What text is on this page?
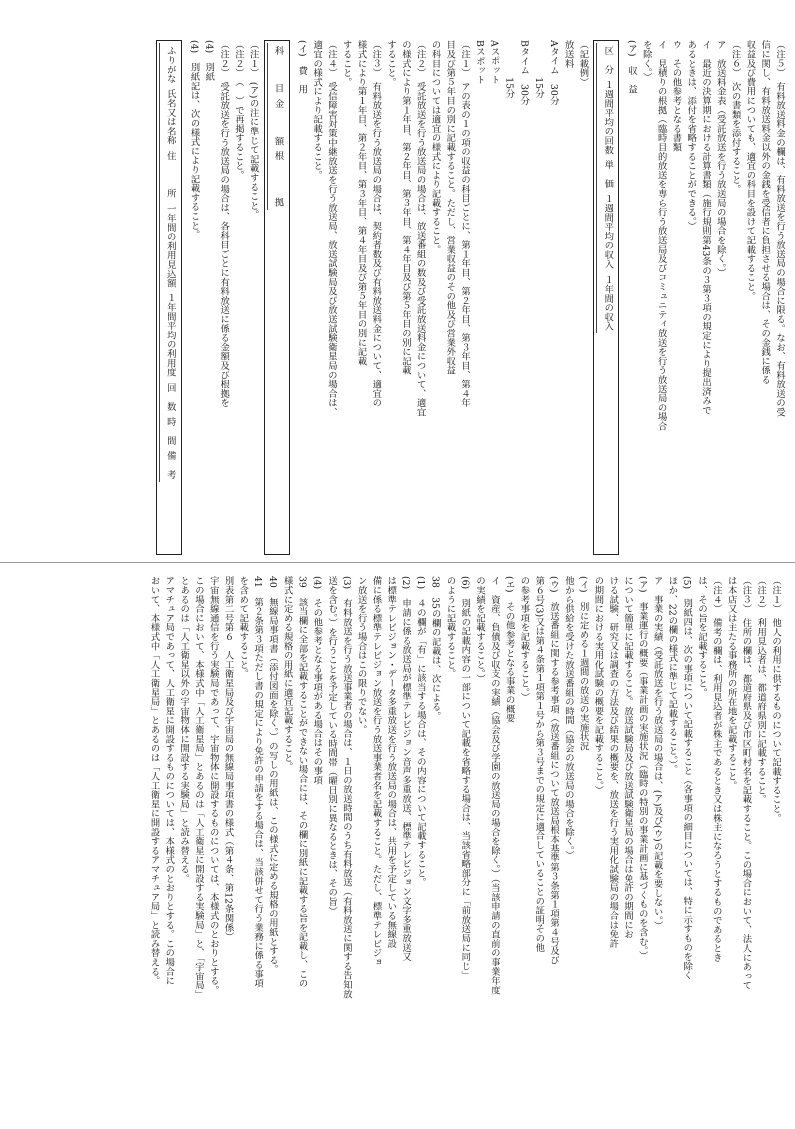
（注５）　有料放送料金の欄は、有料放送を行う放送局の場合に限る。なお、有料放送の受

信に関し、有料放送料金以外の金銭を受信者に負担させる場合は、その金銭に係る

収益及び費用についても、適宜の科目を設けて記載すること。

（注６）　次の書類を添付すること。

ア　放送料金表（受託放送を行う放送局の場合を除く。）

イ　最近の決算期における計算書類（施行規則第43条の３第３項の規定により提出済みで

あるときは、添付を省略することができる。）

ウ　その他参考となる書類

イ　見積りの根拠（臨時目的放送を専ら行う放送局及びコミュニティ放送を行う放送局の場合

を除く。）

(ア)　収　益

区　分
１週間平均の回数
単　価
１週間平均の収入
１年間の収入

（記載例）

放送料

Aタイム　30分

　　　　15分

Bタイム　30分

　　　　15分

Aスポット

Bスポット

（注１）　アの表の１の項の収益の科目ごとに、第１年目、第２年目、第３年目、第４年

目及び第５年目の別に記載すること。ただし、営業収益のその他及び営業外収益

の科目については適宜の様式により記載すること。

（注２）　受託放送を行う放送局の場合は、放送番組の数及び受託放送料金について、適宜

の様式により第１年目、第２年目、第３年目、第４年目及び第５年目の別に記載

すること。

（注３）　有料放送を行う放送局の場合は、契約者数及び有料放送料金について、適宜の

様式により第１年目、第２年目、第３年目、第４年目及び第５年目の別に記載

すること。

（注４）　受信障害対策中継放送を行う放送局、放送試験局及び放送試験衛星局の場合は、

適宜の様式により記載すること。

(イ)　費　用

科　　　目
金　　　額
根　　　　拠

（注１）　(ア)の注に準じて記載すること。

（注２）　（　）で再掲すること。

（注２）　受託放送を行う放送局の場合は、各科目ごとに有料放送に係る金額及び根拠を

(4)　別紙

(4)　別紙記は、次の様式により記載すること。

ふりがな
氏名又は名称
住　　　所
一年間の利用見込額
１年間平均の利用度
回　数
時　間
備　考

（注１）　他人の利用に供するものについて記載すること。

（注２）　利用見込者は、都道府県別に記載すること。

（注３）　住所の欄は、都道府県及び市区町村名を記載すること。この場合において、法人にあって

は本店又は主たる事務所の所在地を記載すること。

（注４）　備考の欄は、利用見込者が株主であるとき又は株主になろうとするものであるとき

は、その旨を記載すること。

(5)　別紙四は、次の事項について記載すること（各事項の細目については、特に示すものを除く

ほか、22の欄の様式に準じて記載すること。）。

ア　事業の実績（受託放送を行う放送局の場合は、(ア)及び(ウ)の記載を要しない。）

(ア)　事業運行の概要（事業計画の実施状況（臨時の特別の事業計画に基づくものを含む。）

について簡単に記載すること。放送試験局及び放送試験衛星局の場合は免許の期間にお

ける試験、研究又は調査の方法及び結果の概要を、放送を行う実用化試験局の場合は免許

の期間における実用化試験の概要を記載すること。）

(イ)　別に定める１週間の放送の実施状況

他から供給を受けた放送番組の時間（協会の放送局の場合を除く。）

(ウ)　放送番組に関する参考事項（放送番組について放送局根本基準第３条第１項第４号及び

第６号(3)又は第４条第１項第１号から第３号までの規定に適合していることの証明その他

の参考事項を記載すること。）

(エ)　その他参考となる事業の概要

イ　資産、負債及び収支の実績（協会及び学園の放送局の場合を除く。）（当該申請の直前の事業年度

の実績を記載すること。）

(6)　別紙の記載内容の一部について記載を省略する場合は、当該省略部分に「前放送局に同じ」

のように記載すること。

38　35の欄の記載は、次による。

(1)　４の欄が「有」に該当する場合は、その内容について記載すること。

(2)　申請に係る放送局が標準テレビジョン音声多重放送、標準テレビジョン文字多重放送又

は標準テレビジョン・データ多重放送を行う放送局の場合は、共用を予定している無線設

備に係る標準テレビジョン放送を行う放送事業者名を記載すること。ただし、標準テレビジョ

ン放送を行う場合はこの限りでない。

(3)　有料放送を行う放送事業者の場合は、１日の放送時間のうち有料放送（有料放送に関する告知放

送を含む。）を行うことを予定している時間帯（曜日別に異なるときは、その旨）

(4)　その他参考となる事項がある場合はその事項

39　該当欄に全部を記載することができない場合には、その欄に別紙に記載する旨を記載し、この

様式に定める規格の用紙に適宜記載すること。

40　無線局事項書（添付図面を除く。）の写しの用紙は、この様式に定める規格の用紙とする。

41　第２条第３項ただし書の規定により免許の申請をする場合は、当該併せて行う業務に係る事項

を含めて記載すること。

別表第二号第６　人工衛星局及び宇宙局の無線局事項書の様式（第４条、第12条関係）

宇宙無線通信を行う実験局であって、宇宙物体に開設するものについては、本様式のとおりとする。

この場合において、本様式中「人工衛星局」とあるのは「人工衛星に開設する実験局」と、「宇宙局」

とあるのは「人工衛星以外の宇宙物体に開設する実験局」と読み替える。

アマチュア局であって、人工衛星に開設するものについては、本様式のとおりとする。この場合に

おいて、本様式中「人工衛星局」とあるのは「人工衛星に開設するアマチュア局」と読み替える。
